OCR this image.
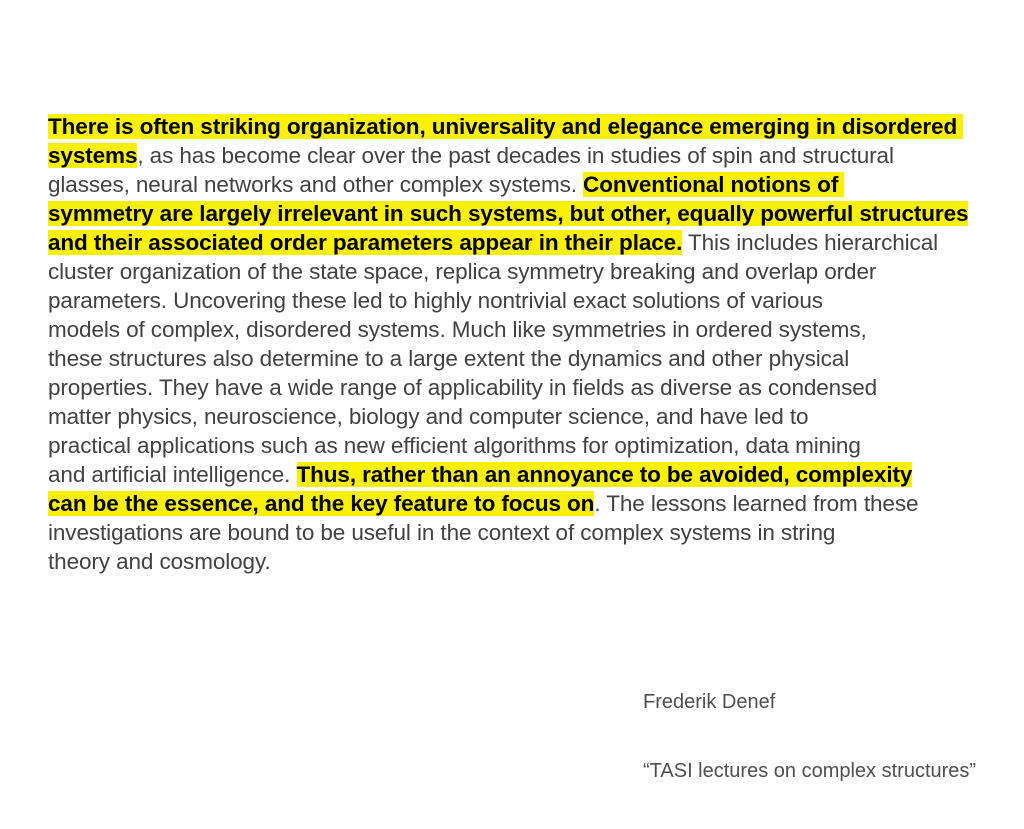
There is often striking organization, universality and elegance emerging in disordered
systems, as has become clear over the past decades in studies of spin and structural
glasses, neural networks and other complex systems. Conventional notions of
symmetry are largely irrelevant in such systems, but other, equally powerful structures
and their associated order parameters appear in their place. This includes hierarchical
cluster organization of the state space, replica symmetry breaking and overlap order
parameters. Uncovering these led to highly nontrivial exact solutions of various
models of complex, disordered systems. Much like symmetries in ordered systems,
these structures also determine to a large extent the dynamics and other physical
properties. They have a wide range of applicability in fields as diverse as condensed
matter physics, neuroscience, biology and computer science, and have led to
practical applications such as new efficient algorithms for optimization, data mining
and artificial intelligence. Thus, rather than an annoyance to be avoided, complexity
can be the essence, and the key feature to focus on. The lessons learned from these
investigations are bound to be useful in the context of complex systems in string
theory and cosmology.

Frederik Denef

“TASI lectures on complex structures”
